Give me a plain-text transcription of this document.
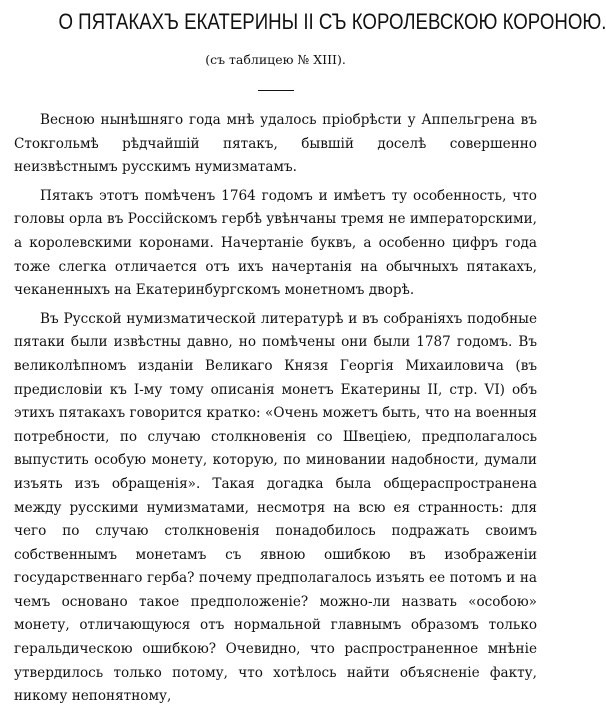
О ПЯТАКАХЪ ЕКАТЕРИНЫ II СЪ КОРОЛЕВСКОЮ КОРОНОЮ.
(съ таблицею № XIII).

Весною нынѣшняго года мнѣ удалось пріобрѣсти у Аппельгрена въ Стокгольмѣ рѣдчайшій пятакъ, бывшій доселѣ совершенно неизвѣстнымъ русскимъ нумизматамъ.

Пятакъ этотъ помѣченъ 1764 годомъ и имѣетъ ту особенность, что головы орла въ Россійскомъ гербѣ увѣнчаны тремя не императорскими, а королевскими коронами. Начертаніе буквъ, а особенно цифръ года тоже слегка отличается отъ ихъ начертанія на обычныхъ пятакахъ, чеканенныхъ на Екатеринбургскомъ монетномъ дворѣ.

Въ Русской нумизматической литературѣ и въ собраніяхъ подобные пятаки были извѣстны давно, но помѣчены они были 1787 годомъ. Въ великолѣпномъ изданіи Великаго Князя Георгія Михаиловича (въ предисловіи къ I-му тому описанія монетъ Екатерины II, стр. VI) объ этихъ пятакахъ говорится кратко: «Очень можетъ быть, что на военныя потребности, по случаю столкновенія со Швеціею, предполагалось выпустить особую монету, которую, по миновании надобности, думали изъять изъ обращенія». Такая догадка была общераспространена между русскими нумизматами, несмотря на всю ея странность: для чего по случаю столкновенія понадобилось подражать своимъ собственнымъ монетамъ съ явною ошибкою въ изображеніи государственнаго герба? почему предполагалось изъять ее потомъ и на чемъ основано такое предположеніе? можно-ли назвать «особою» монету, отличающуюся отъ нормальной главнымъ образомъ только геральдическою ошибкою? Очевидно, что распространенное мнѣніе утвердилось только потому, что хотѣлось найти объясненіе факту, никому непонятному,
